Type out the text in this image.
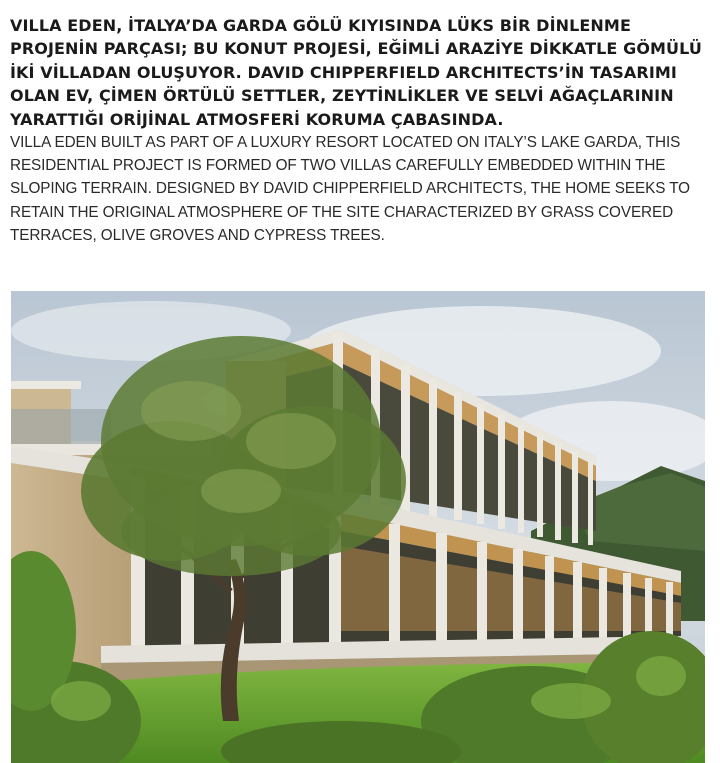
VILLA EDEN, İTALYA’DA GARDA GÖLÜ KIYISINDA LÜKS BİR DİNLENME PROJENİN PARÇASI; BU KONUT PROJESİ, EĞİMLİ ARAZİYE DİKKATLE GÖMÜLÜ İKİ VİLLADAN OLUŞUYOR. DAVID CHIPPERFIELD ARCHITECTS’İN TASARIMI OLAN EV, ÇİMEN ÖRTÜLÜ SETTLER, ZEYTİNLİKLER VE SELVİ AĞAÇLARININ YARATTIĞI ORİJİNAL ATMOSFERİ KORUMA ÇABASINDA.

VILLA EDEN BUILT AS PART OF A LUXURY RESORT LOCATED ON ITALY’S LAKE GARDA, THIS RESIDENTIAL PROJECT IS FORMED OF TWO VILLAS CAREFULLY EMBEDDED WITHIN THE SLOPING TERRAIN. DESIGNED BY DAVID CHIPPERFIELD ARCHITECTS, THE HOME SEEKS TO RETAIN THE ORIGINAL ATMOSPHERE OF THE SITE CHARACTERIZED BY GRASS COVERED TERRACES, OLIVE GROVES AND CYPRESS TREES.
